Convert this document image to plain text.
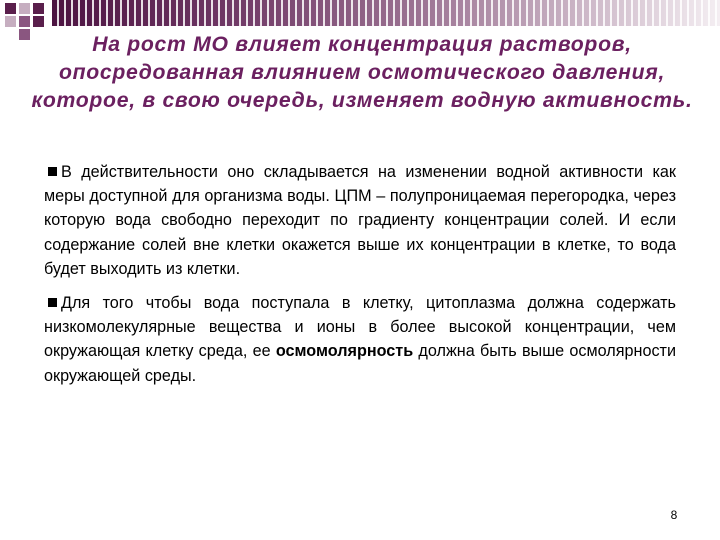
На рост МО влияет концентрация растворов, опосредованная влиянием осмотического давления, которое, в свою очередь, изменяет водную активность.

В действительности оно складывается на изменении водной активности как меры доступной для организма воды. ЦПМ – полупроницаемая перегородка, через которую вода свободно переходит по градиенту концентрации солей. И если содержание солей вне клетки окажется выше их концентрации в клетке, то вода будет выходить из клетки.

Для того чтобы вода поступала в клетку, цитоплазма должна содержать низкомолекулярные вещества и ионы в более высокой концентрации, чем окружающая клетку среда, ее осмомолярность должна быть выше осмолярности окружающей среды.

8
